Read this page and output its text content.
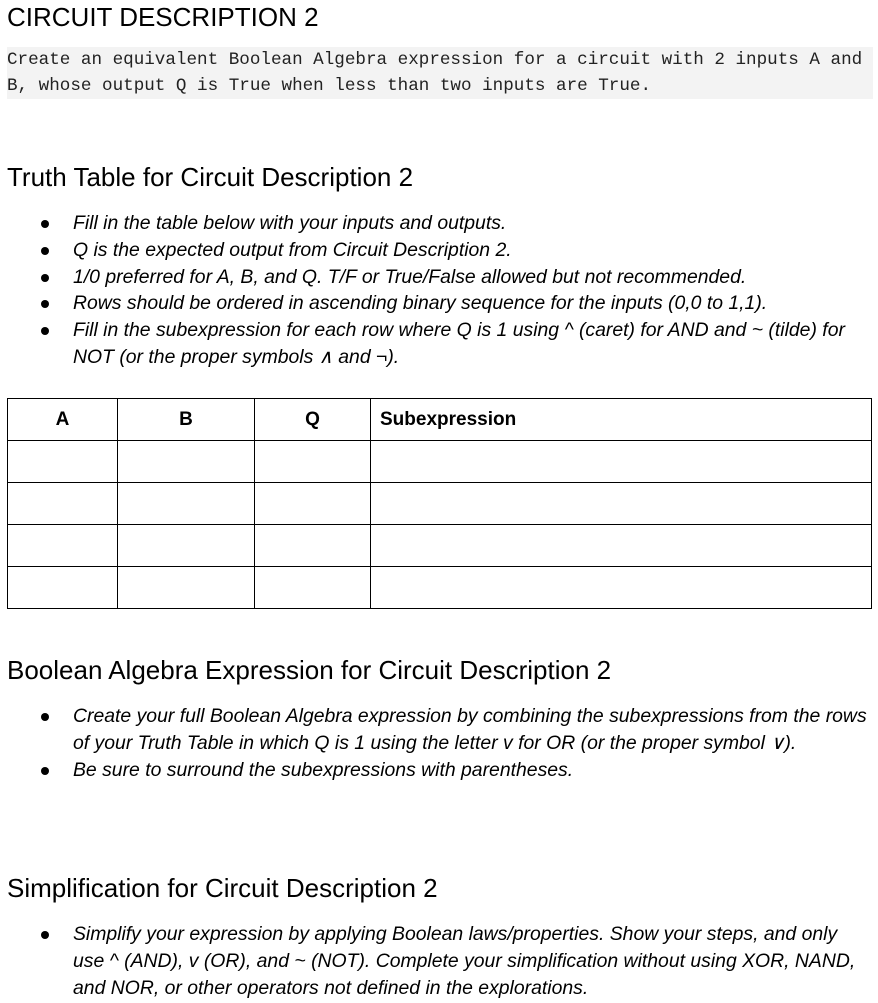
CIRCUIT DESCRIPTION 2
Create an equivalent Boolean Algebra expression for a circuit with 2 inputs A and B, whose output Q is True when less than two inputs are True.
Truth Table for Circuit Description 2
Fill in the table below with your inputs and outputs.
Q is the expected output from Circuit Description 2.
1/0 preferred for A, B, and Q. T/F or True/False allowed but not recommended.
Rows should be ordered in ascending binary sequence for the inputs (0,0 to 1,1).
Fill in the subexpression for each row where Q is 1 using ^ (caret) for AND and ~ (tilde) for NOT (or the proper symbols ∧ and ¬).
A	B	Q	Subexpression

Boolean Algebra Expression for Circuit Description 2
Create your full Boolean Algebra expression by combining the subexpressions from the rows of your Truth Table in which Q is 1 using the letter v for OR (or the proper symbol ∨).
Be sure to surround the subexpressions with parentheses.
Simplification for Circuit Description 2
Simplify your expression by applying Boolean laws/properties. Show your steps, and only use ^ (AND), v (OR), and ~ (NOT). Complete your simplification without using XOR, NAND, and NOR, or other operators not defined in the explorations.
